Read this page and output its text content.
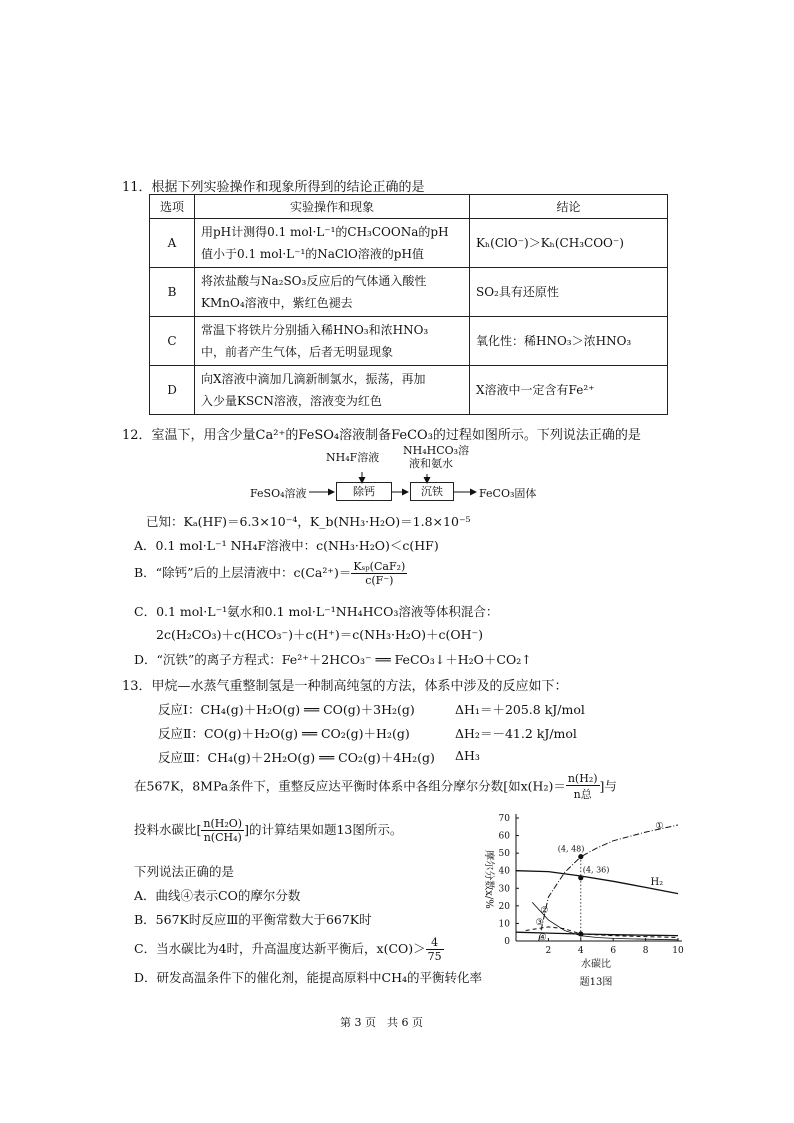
11．根据下列实验操作和现象所得到的结论正确的是
选项	实验操作和现象	结论
A	用pH计测得0.1 mol·L⁻¹的CH₃COONa的pH
值小于0.1 mol·L⁻¹的NaClO溶液的pH值	Kₕ(ClO⁻)＞Kₕ(CH₃COO⁻)
B	将浓盐酸与Na₂SO₃反应后的气体通入酸性
KMnO₄溶液中，紫红色褪去	SO₂具有还原性
C	常温下将铁片分别插入稀HNO₃和浓HNO₃
中，前者产生气体，后者无明显现象	氧化性：稀HNO₃＞浓HNO₃
D	向X溶液中滴加几滴新制氯水，振荡，再加
入少量KSCN溶液，溶液变为红色	X溶液中一定含有Fe²⁺
12．室温下，用含少量Ca²⁺的FeSO₄溶液制备FeCO₃的过程如图所示。下列说法正确的是
NH₄F溶液
NH₄HCO₃溶
液和氨水
FeSO₄溶液	除钙	沉铁	FeCO₃固体
已知：Kₐ(HF)＝6.3×10⁻⁴，K_b(NH₃·H₂O)＝1.8×10⁻⁵
A．0.1 mol·L⁻¹ NH₄F溶液中：c(NH₃·H₂O)＜c(HF)
B．“除钙”后的上层清液中：$c(Ca^{2+})= \frac{\text{Kₛₚ(CaF₂)}}{c(F^-)}$
C．0.1 mol·L⁻¹氨水和0.1 mol·L⁻¹NH₄HCO₃溶液等体积混合：
2c(H₂CO₃)＋c(HCO₃⁻)＋c(H⁺)＝c(NH₃·H₂O)＋c(OH⁻)
D．“沉铁”的离子方程式：Fe²⁺＋2HCO₃⁻ ══ FeCO₃↓＋H₂O＋CO₂↑
13．甲烷—水蒸气重整制氢是一种制高纯氢的方法，体系中涉及的反应如下：
反应Ⅰ：CH₄(g)＋H₂O(g) ══ CO(g)＋3H₂(g)	ΔH₁＝＋205.8 kJ/mol
反应Ⅱ：CO(g)＋H₂O(g) ══ CO₂(g)＋H₂(g)	ΔH₂＝－41.2 kJ/mol
反应Ⅲ：CH₄(g)＋2H₂O(g) ══ CO₂(g)＋4H₂(g) ΔH₃
在567K，8MPa条件下，重整反应达平衡时体系中各组分摩尔分数[如$x(H_2)= \frac{\text{n(H₂)}}{\text{n总}}$ ]与
投料水碳比[ $\frac{\text{n(H₂O)}}{\text{n(CH₄)}}$ ]的计算结果如题13图所示。
下列说法正确的是
A．曲线④表示CO的摩尔分数
B．567K时反应Ⅲ的平衡常数大于667K时
C．当水碳比为4时，升高温度达新平衡后，$x(CO)> \frac{4}{75}$
D．研发高温条件下的催化剂，能提高原料中CH₄的平衡转化率
0
10
20
30
40
50
60
70
2	4	6	8	10
水碳比
摩尔分数x/%
题13图
①
H₂
②
③
④
(4, 48)
(4, 36)
第 3 页　共 6 页
